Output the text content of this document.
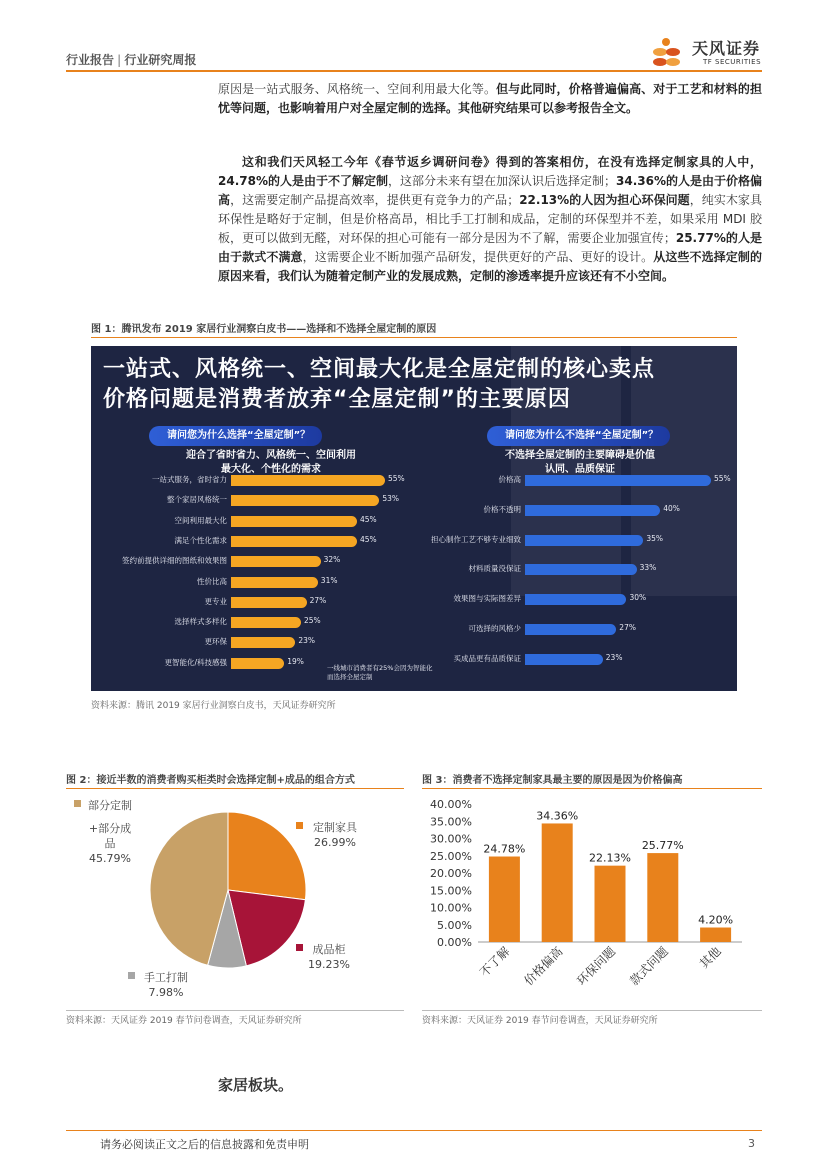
行业报告 | 行业研究周报
天风证券
TF SECURITIES
原因是一站式服务、风格统一、空间利用最大化等。但与此同时，价格普遍偏高、对于工艺和材料的担忧等问题，也影响着用户对全屋定制的选择。其他研究结果可以参考报告全文。
这和我们天风轻工今年《春节返乡调研问卷》得到的答案相仿，在没有选择定制家具的人中，24.78%的人是由于不了解定制，这部分未来有望在加深认识后选择定制；34.36%的人是由于价格偏高，这需要定制产品提高效率，提供更有竞争力的产品；22.13%的人因为担心环保问题，纯实木家具环保性是略好于定制，但是价格高昂，相比手工打制和成品，定制的环保型并不差，如果采用 MDI 胶板，更可以做到无醛，对环保的担心可能有一部分是因为不了解，需要企业加强宣传；25.77%的人是由于款式不满意，这需要企业不断加强产品研发，提供更好的产品、更好的设计。从这些不选择定制的原因来看，我们认为随着定制产业的发展成熟，定制的渗透率提升应该还有不小空间。
图 1：腾讯发布 2019 家居行业洞察白皮书——选择和不选择全屋定制的原因
一站式、风格统一、空间最大化是全屋定制的核心卖点
价格问题是消费者放弃“全屋定制”的主要原因
请问您为什么选择“全屋定制”？
迎合了省时省力、风格统一、空间利用最大化、个性化的需求
请问您为什么不选择“全屋定制”？
不选择全屋定制的主要障碍是价值认同、品质保证
一站式服务，省时省力	55%
整个家居风格统一	53%
空间利用最大化	45%
满足个性化需求	45%
签约前提供详细的图纸和效果图	32%
性价比高	31%
更专业	27%
选择样式多样化	25%
更环保	23%
更智能化/科技感强	19%
价格高	55%
价格不透明	40%
担心制作工艺不够专业细致	35%
材料质量没保证	33%
效果图与实际图差异	30%
可选择的风格少	27%
买成品更有品质保证	23%
一线城市消费者有25%会因为智能化而选择全屋定制
资料来源：腾讯 2019 家居行业洞察白皮书，天风证券研究所
图 2：接近半数的消费者购买柜类时会选择定制+成品的组合方式
部分定制
+部分成
品
45.79%
定制家具
26.99%
成品柜
19.23%
手工打制
7.98%
资料来源：天风证券 2019 春节问卷调查，天风证券研究所
图 3：消费者不选择定制家具最主要的原因是因为价格偏高
0.00%
5.00%
10.00%
15.00%
20.00%
25.00%
30.00%
35.00%
40.00%
24.78%
不了解
34.36%
价格偏高
22.13%
环保问题
25.77%
款式问题
4.20%
其他
资料来源：天风证券 2019 春节问卷调查，天风证券研究所
家居板块。
请务必阅读正文之后的信息披露和免责申明	3
